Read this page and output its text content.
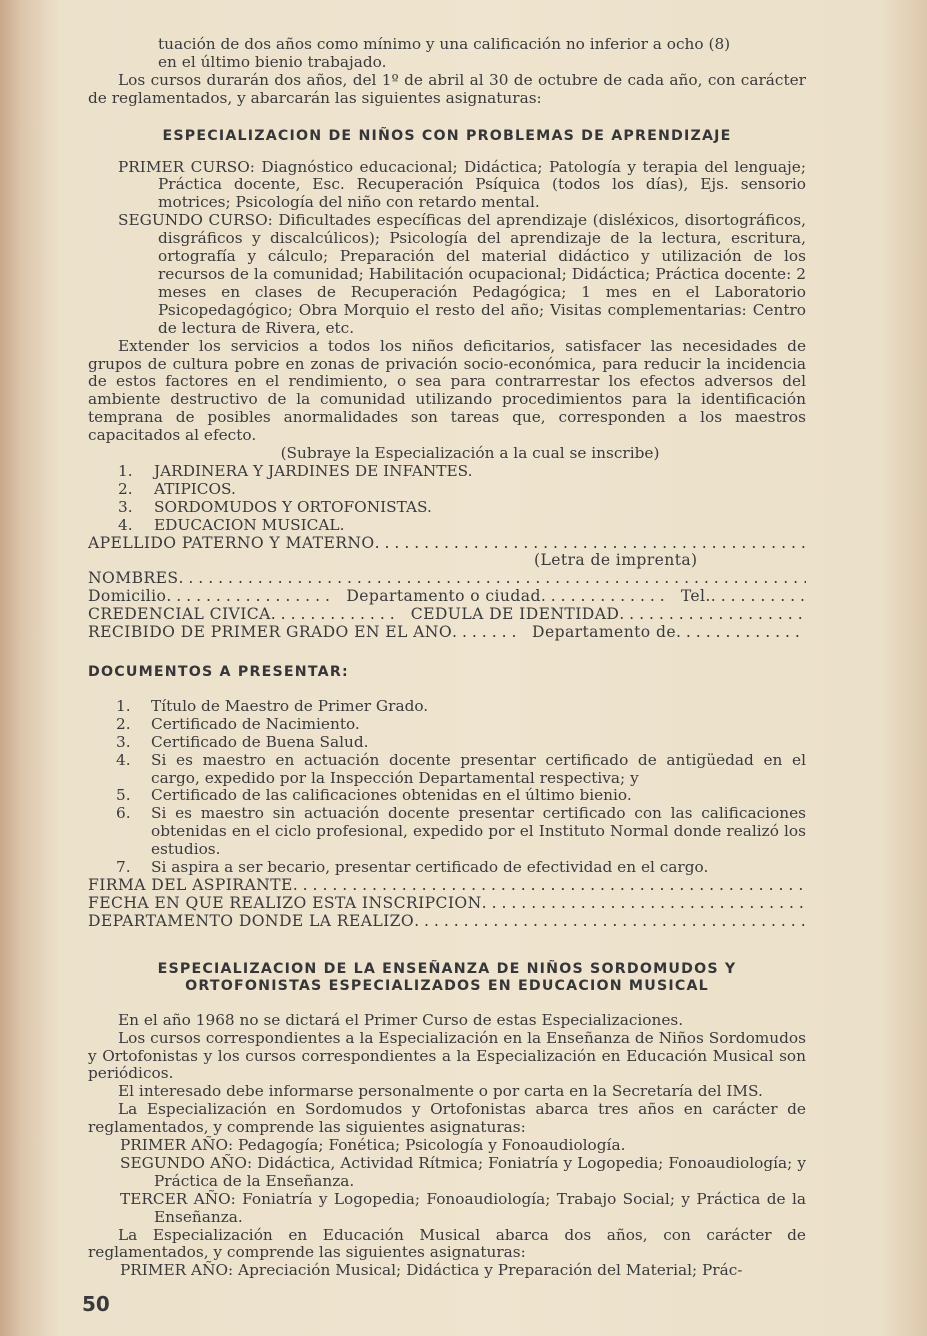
tuación de dos años como mínimo y una calificación no inferior a ocho (8)

en el último bienio trabajado.

Los cursos durarán dos años, del 1º de abril al 30 de octubre de cada año, con carácter de reglamentados, y abarcarán las siguientes asignaturas:

ESPECIALIZACION DE NIÑOS CON PROBLEMAS DE APRENDIZAJE

PRIMER CURSO: Diagnóstico educacional; Didáctica; Patología y terapia del lenguaje; Práctica docente, Esc. Recuperación Psíquica (todos los días), Ejs. sensorio motrices; Psicología del niño con retardo mental.

SEGUNDO CURSO: Dificultades específicas del aprendizaje (disléxicos, disortográficos, disgráficos y discalcúlicos); Psicología del aprendizaje de la lectura, escritura, ortografía y cálculo; Preparación del material didáctico y utilización de los recursos de la comunidad; Habilitación ocupacional; Didáctica; Práctica docente: 2 meses en clases de Recuperación Pedagógica; 1 mes en el Laboratorio Psicopedagógico; Obra Morquio el resto del año; Visitas complementarias: Centro de lectura de Rivera, etc.

Extender los servicios a todos los niños deficitarios, satisfacer las necesidades de grupos de cultura pobre en zonas de privación socio-económica, para reducir la incidencia de estos factores en el rendimiento, o sea para contrarrestar los efectos adversos del ambiente destructivo de la comunidad utilizando procedimientos para la identificación temprana de posibles anormalidades son tareas que, corresponden a los maestros capacitados al efecto.

(Subraye la Especialización a la cual se inscribe)

1.	JARDINERA Y JARDINES DE INFANTES.
2.	ATIPICOS.
3.	SORDOMUDOS Y ORTOFONISTAS.
4.	EDUCACION MUSICAL.
APELLIDO PATERNO Y MATERNO
. . .

(Letra de imprenta)

NOMBRES
. . .
Domicilio . . .	Departamento o ciudad . . .	Tel.
. . .
CREDENCIAL CIVICA . . .	CEDULA DE IDENTIDAD
. . .
RECIBIDO DE PRIMER GRADO EN EL AÑO . . .	Departamento de
. . .

DOCUMENTOS A PRESENTAR:

1.	Título de Maestro de Primer Grado.
2.	Certificado de Nacimiento.
3.	Certificado de Buena Salud.
4.	Si es maestro en actuación docente presentar certificado de antigüedad en el cargo, expedido por la Inspección Departamental respectiva; y
5.	Certificado de las calificaciones obtenidas en el último bienio.
6.	Si es maestro sin actuación docente presentar certificado con las calificaciones obtenidas en el ciclo profesional, expedido por el Instituto Normal donde realizó los estudios.
7.	Si aspira a ser becario, presentar certificado de efectividad en el cargo.
FIRMA DEL ASPIRANTE
. . .
FECHA EN QUE REALIZO ESTA INSCRIPCION
. . .
DEPARTAMENTO DONDE LA REALIZO
. . .

ESPECIALIZACION DE LA ENSEÑANZA DE NIÑOS SORDOMUDOS Y

ORTOFONISTAS ESPECIALIZADOS EN EDUCACION MUSICAL

En el año 1968 no se dictará el Primer Curso de estas Especializaciones.

Los cursos correspondientes a la Especialización en la Enseñanza de Niños Sordomudos y Ortofonistas y los cursos correspondientes a la Especialización en Educación Musical son periódicos.

El interesado debe informarse personalmente o por carta en la Secretaría del IMS.

La Especialización en Sordomudos y Ortofonistas abarca tres años en carácter de reglamentados, y comprende las siguientes asignaturas:

PRIMER AÑO: Pedagogía; Fonética; Psicología y Fonoaudiología.

SEGUNDO AÑO: Didáctica, Actividad Rítmica; Foniatría y Logopedia; Fonoaudiología; y Práctica de la Enseñanza.

TERCER AÑO: Foniatría y Logopedia; Fonoaudiología; Trabajo Social; y Práctica de la Enseñanza.

La Especialización en Educación Musical abarca dos años, con carácter de reglamentados, y comprende las siguientes asignaturas:

PRIMER AÑO: Apreciación Musical; Didáctica y Preparación del Material; Prác-

50
